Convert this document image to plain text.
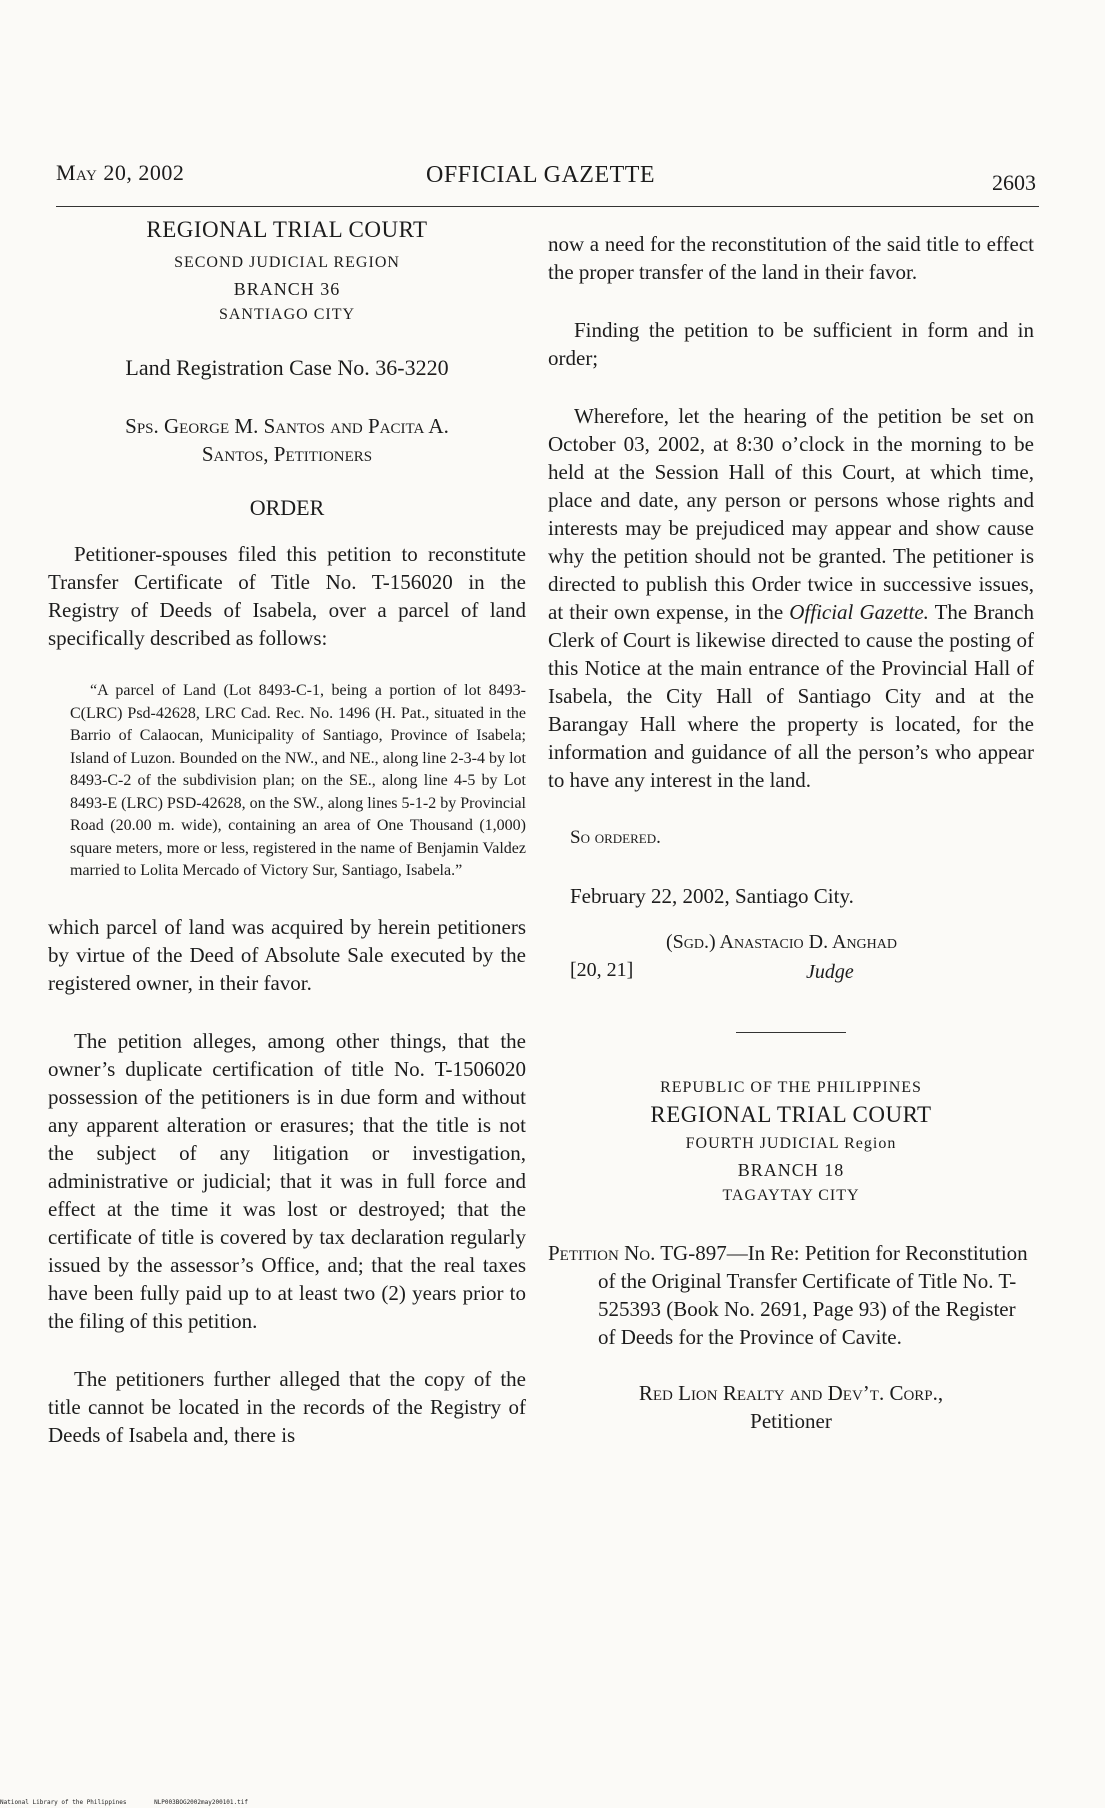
May 20, 2002	OFFICIAL GAZETTE	2603
REGIONAL TRIAL COURT
SECOND JUDICIAL REGION
BRANCH 36
SANTIAGO CITY
Land Registration Case No. 36-3220
Sps. George M. Santos and Pacita A.
Santos, Petitioners
ORDER

Petitioner-spouses filed this petition to reconstitute Transfer Certificate of Title No. T-156020 in the Registry of Deeds of Isabela, over a parcel of land specifically described as follows:

“A parcel of Land (Lot 8493-C-1, being a portion of lot 8493-C(LRC) Psd-42628, LRC Cad. Rec. No. 1496 (H. Pat., situated in the Barrio of Calaocan, Municipality of Santiago, Province of Isabela; Island of Luzon. Bounded on the NW., and NE., along line 2-3-4 by lot 8493-C-2 of the subdivision plan; on the SE., along line 4-5 by Lot 8493-E (LRC) PSD-42628, on the SW., along lines 5-1-2 by Provincial Road (20.00 m. wide), containing an area of One Thousand (1,000) square meters, more or less, registered in the name of Benjamin Valdez married to Lolita Mercado of Victory Sur, Santiago, Isabela.”

which parcel of land was acquired by herein petitioners by virtue of the Deed of Absolute Sale executed by the registered owner, in their favor.

The petition alleges, among other things, that the owner’s duplicate certification of title No. T-1506020 possession of the petitioners is in due form and without any apparent alteration or erasures; that the title is not the subject of any litigation or investigation, administrative or judicial; that it was in full force and effect at the time it was lost or destroyed; that the certificate of title is covered by tax declaration regularly issued by the assessor’s Office, and; that the real taxes have been fully paid up to at least two (2) years prior to the filing of this petition.

The petitioners further alleged that the copy of the title cannot be located in the records of the Registry of Deeds of Isabela and, there is

now a need for the reconstitution of the said title to effect the proper transfer of the land in their favor.

Finding the petition to be sufficient in form and in order;

Wherefore, let the hearing of the petition be set on October 03, 2002, at 8:30 o’clock in the morning to be held at the Session Hall of this Court, at which time, place and date, any person or persons whose rights and interests may be prejudiced may appear and show cause why the petition should not be granted. The petitioner is directed to publish this Order twice in successive issues, at their own expense, in the Official Gazette. The Branch Clerk of Court is likewise directed to cause the posting of this Notice at the main entrance of the Provincial Hall of Isabela, the City Hall of Santiago City and at the Barangay Hall where the property is located, for the information and guidance of all the person’s who appear to have any interest in the land.

So ordered.
February 22, 2002, Santiago City.
(Sgd.) Anastacio D. Anghad
[20, 21]	Judge
REPUBLIC OF THE PHILIPPINES
REGIONAL TRIAL COURT
FOURTH JUDICIAL Region
BRANCH 18
TAGAYTAY CITY

Petition No. TG-897—In Re: Petition for Reconstitution of the Original Transfer Certificate of Title No. T-525393 (Book No. 2691, Page 93) of the Register of Deeds for the Province of Cavite.

Red Lion Realty and Dev’t. Corp.,
Petitioner
National Library of the Philippines	NLP003BOG2002may200101.tif
